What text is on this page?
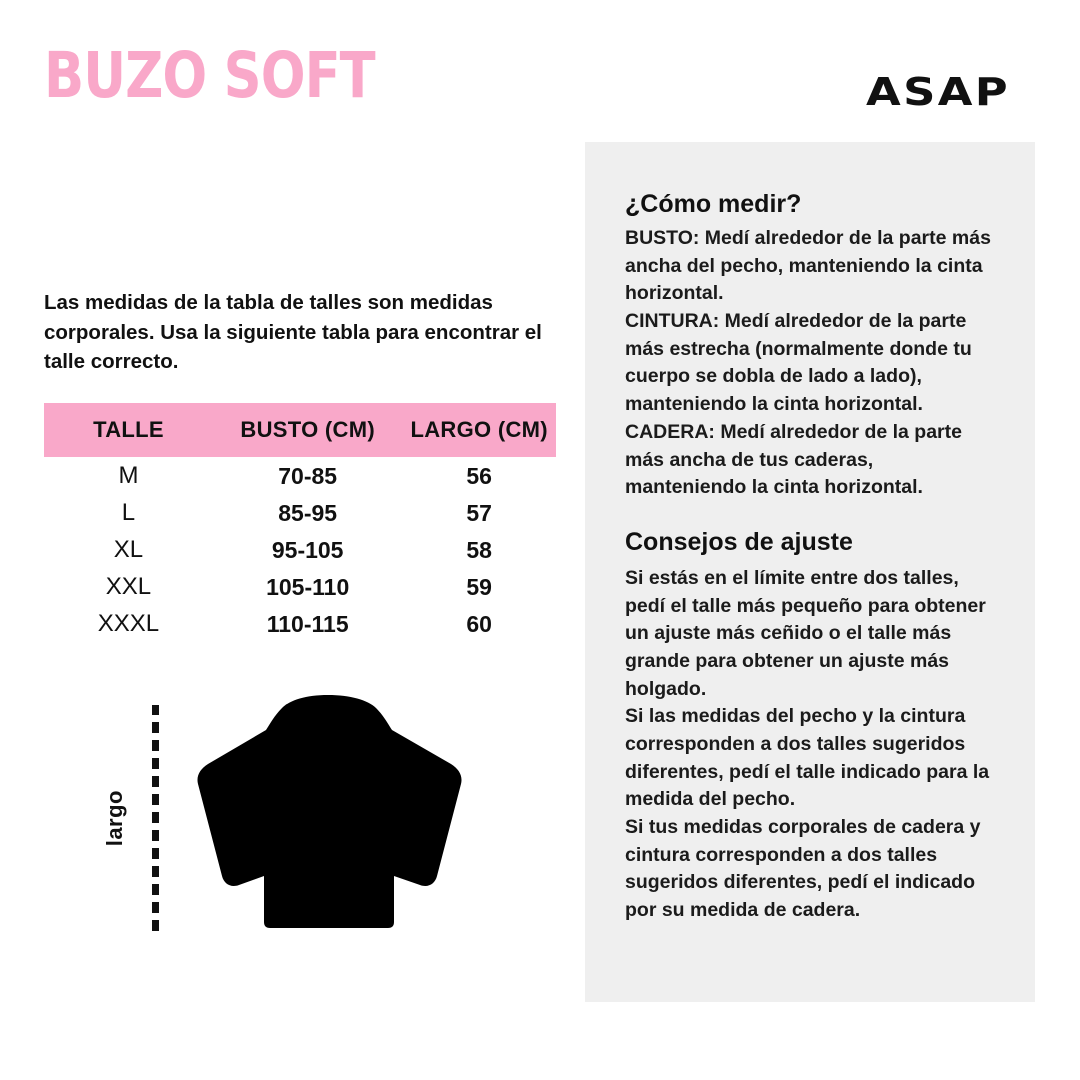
BUZO SOFT	ASAP
Las medidas de la tabla de talles son medidas corporales. Usa la siguiente tabla para encontrar el talle correcto.
TALLE	BUSTO (CM)	LARGO (CM)
M	70-85	56
L	85-95	57
XL	95-105	58
XXL	105-110	59
XXXL	110-115	60
largo
¿Cómo medir?

BUSTO: Medí alrededor de la parte más ancha del pecho, manteniendo la cinta horizontal.

CINTURA: Medí alrededor de la parte más estrecha (normalmente donde tu cuerpo se dobla de lado a lado), manteniendo la cinta horizontal.

CADERA: Medí alrededor de la parte más ancha de tus caderas, manteniendo la cinta horizontal.

Consejos de ajuste

Si estás en el límite entre dos talles, pedí el talle más pequeño para obtener un ajuste más ceñido o el talle más grande para obtener un ajuste más holgado.

Si las medidas del pecho y la cintura corresponden a dos talles sugeridos diferentes, pedí el talle indicado para la medida del pecho.

Si tus medidas corporales de cadera y cintura corresponden a dos talles sugeridos diferentes, pedí el indicado por su medida de cadera.
